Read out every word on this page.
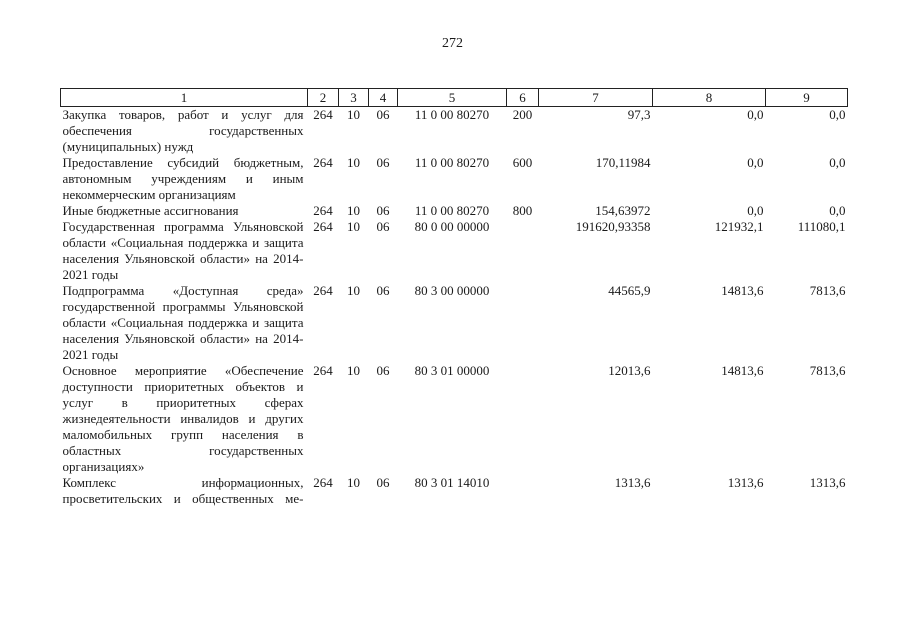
272
1	2	3	4	5	6	7	8	9
Закупка товаров, работ и услуг для обеспечения государственных (муниципальных) нужд	264	10	06	11 0 00 80270	200	97,3	0,0	0,0
Предоставление субсидий бюджетным, автономным учреждениям и иным некоммерческим организациям	264	10	06	11 0 00 80270	600	170,11984	0,0	0,0
Иные бюджетные ассигнования	264	10	06	11 0 00 80270	800	154,63972	0,0	0,0
Государственная программа Ульяновской области «Социальная поддержка и защита населения Ульяновской области» на 2014-2021 годы	264	10	06	80 0 00 00000		191620,93358	121932,1	111080,1
Подпрограмма «Доступная среда» государственной программы Ульяновской области «Социальная поддержка и защита населения Ульяновской области» на 2014-2021 годы	264	10	06	80 3 00 00000		44565,9	14813,6	7813,6
Основное мероприятие «Обеспечение доступности приоритетных объектов и услуг в приоритетных сферах жизнедеятельности инвалидов и других маломобильных групп населения в областных государственных организациях»	264	10	06	80 3 01 00000		12013,6	14813,6	7813,6
Комплекс информационных, просветительских и общественных ме-	264	10	06	80 3 01 14010		1313,6	1313,6	1313,6
